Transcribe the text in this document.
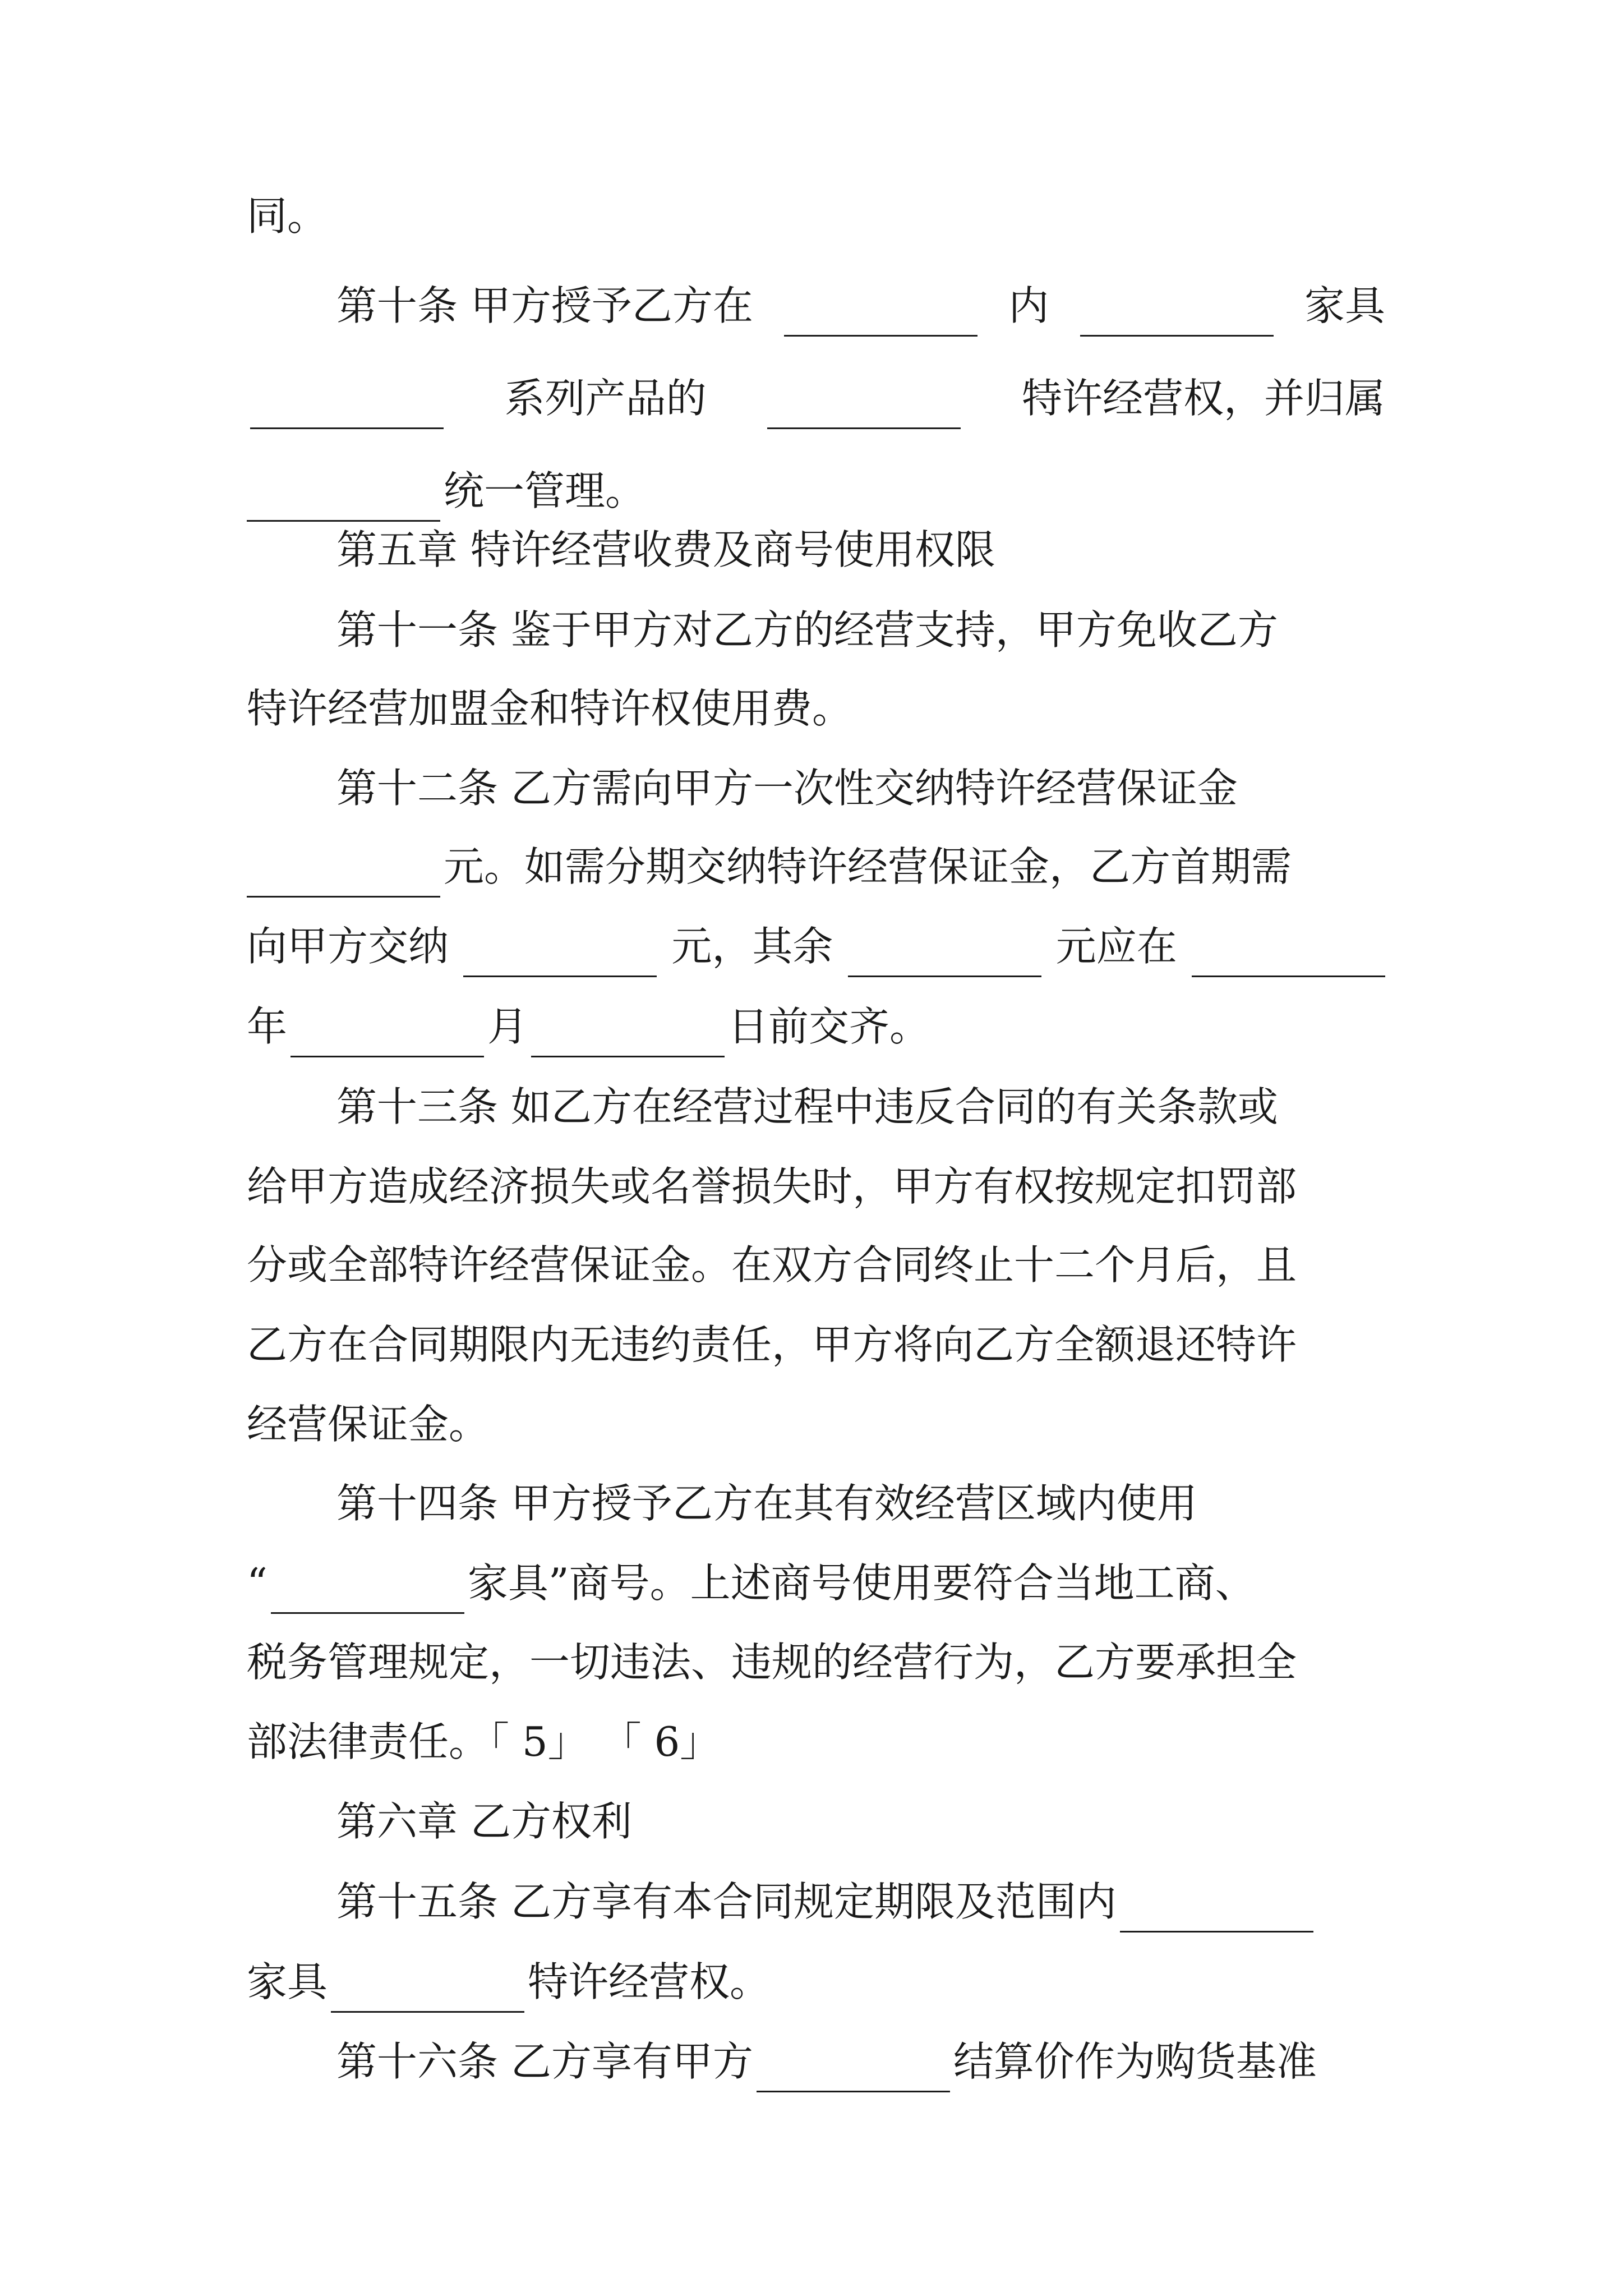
同。
第十条 甲方授予乙方在	内	家具
系列产品的	特许经营权，并归属
统一管理。
第五章 特许经营收费及商号使用权限
第十一条 鉴于甲方对乙方的经营支持，甲方免收乙方
特许经营加盟金和特许权使用费。
第十二条 乙方需向甲方一次性交纳特许经营保证金
元。如需分期交纳特许经营保证金，乙方首期需
向甲方交纳	元，其余	元应在
年	月	日前交齐。
第十三条 如乙方在经营过程中违反合同的有关条款或
给甲方造成经济损失或名誉损失时，甲方有权按规定扣罚部
分或全部特许经营保证金。在双方合同终止十二个月后，且
乙方在合同期限内无违约责任，甲方将向乙方全额退还特许
经营保证金。
第十四条 甲方授予乙方在其有效经营区域内使用
“	家具”商号。上述商号使用要符合当地工商、
税务管理规定，一切违法、违规的经营行为，乙方要承担全
部法律责任。「 5」 「 6」
第六章 乙方权利
第十五条 乙方享有本合同规定期限及范围内
家具	特许经营权。
第十六条 乙方享有甲方	结算价作为购货基准
